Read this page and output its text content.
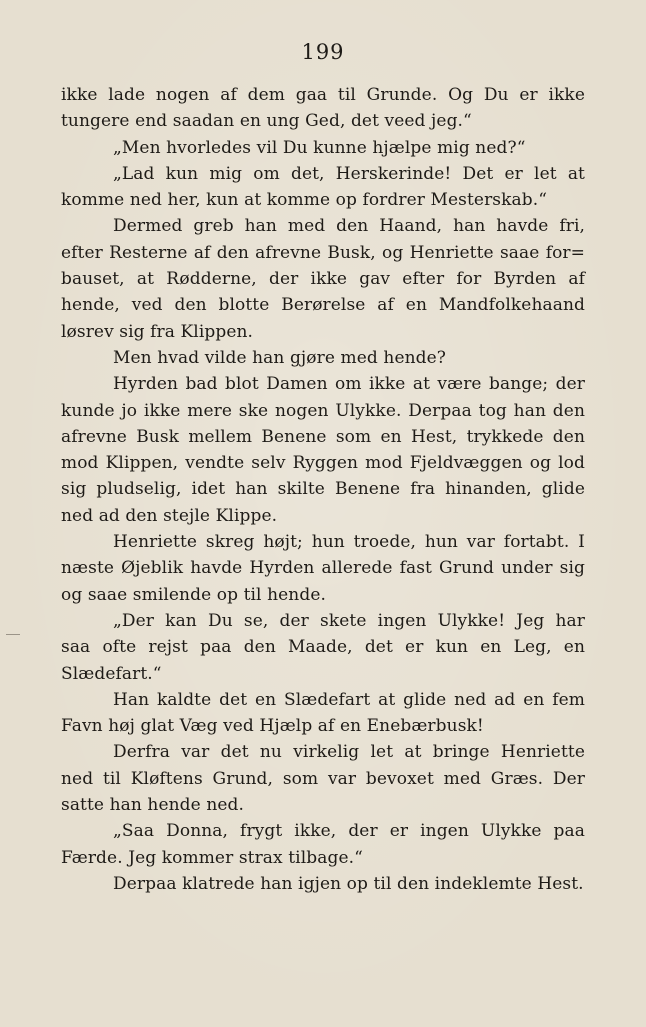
199
ikke lade nogen af dem gaa til Grunde. Og Du er ikke
tungere end saadan en ung Ged, det veed jeg.“
„Men hvorledes vil Du kunne hjælpe mig ned?“
„Lad kun mig om det, Herskerinde! Det er let at
komme ned her, kun at komme op fordrer Mesterskab.“
Dermed greb han med den Haand, han havde fri,
efter Resterne af den afrevne Busk, og Henriette saae for=
bauset, at Rødderne, der ikke gav efter for Byrden af
hende, ved den blotte Berørelse af en Mandfolkehaand
løsrev sig fra Klippen.
Men hvad vilde han gjøre med hende?
Hyrden bad blot Damen om ikke at være bange; der
kunde jo ikke mere ske nogen Ulykke. Derpaa tog han den
afrevne Busk mellem Benene som en Hest, trykkede den
mod Klippen, vendte selv Ryggen mod Fjeldvæggen og lod
sig pludselig, idet han skilte Benene fra hinanden, glide
ned ad den stejle Klippe.
Henriette skreg højt; hun troede, hun var fortabt. I
næste Øjeblik havde Hyrden allerede fast Grund under sig
og saae smilende op til hende.
„Der kan Du se, der skete ingen Ulykke! Jeg har
saa ofte rejst paa den Maade, det er kun en Leg, en
Slædefart.“
Han kaldte det en Slædefart at glide ned ad en fem
Favn høj glat Væg ved Hjælp af en Enebærbusk!
Derfra var det nu virkelig let at bringe Henriette
ned til Kløftens Grund, som var bevoxet med Græs. Der
satte han hende ned.
„Saa Donna, frygt ikke, der er ingen Ulykke paa
Færde. Jeg kommer strax tilbage.“
Derpaa klatrede han igjen op til den indeklemte Hest.
